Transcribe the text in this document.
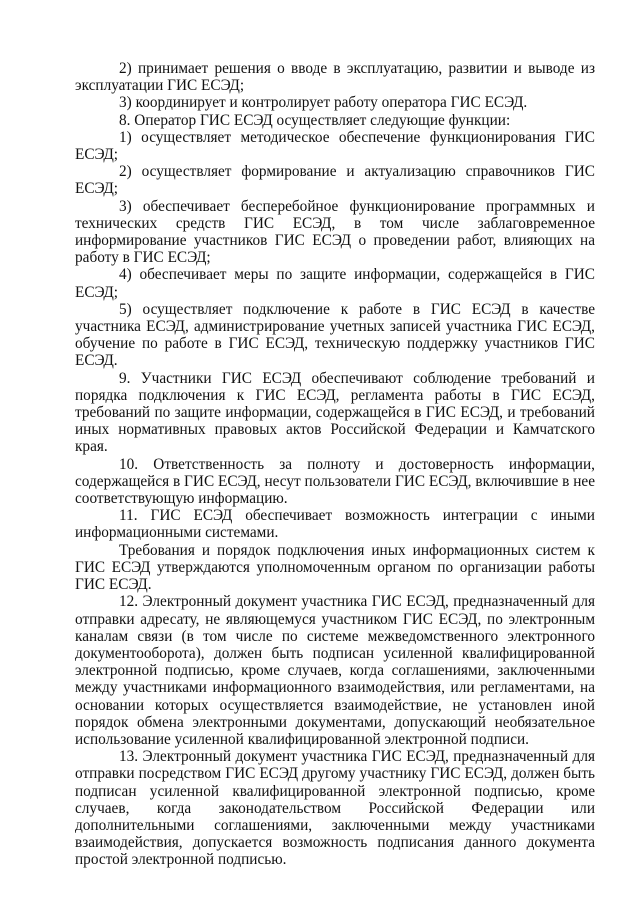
2) принимает решения о вводе в эксплуатацию, развитии и выводе из эксплуатации ГИС ЕСЭД;

3) координирует и контролирует работу оператора ГИС ЕСЭД.

8. Оператор ГИС ЕСЭД осуществляет следующие функции:

1) осуществляет методическое обеспечение функционирования ГИС ЕСЭД;

2) осуществляет формирование и актуализацию справочников ГИС ЕСЭД;

3) обеспечивает бесперебойное функционирование программных и технических средств ГИС ЕСЭД, в том числе заблаговременное информирование участников ГИС ЕСЭД о проведении работ, влияющих на работу в ГИС ЕСЭД;

4) обеспечивает меры по защите информации, содержащейся в ГИС ЕСЭД;

5) осуществляет подключение к работе в ГИС ЕСЭД в качестве участника ЕСЭД, администрирование учетных записей участника ГИС ЕСЭД, обучение по работе в ГИС ЕСЭД, техническую поддержку участников ГИС ЕСЭД.

9. Участники ГИС ЕСЭД обеспечивают соблюдение требований и порядка подключения к ГИС ЕСЭД, регламента работы в ГИС ЕСЭД, требований по защите информации, содержащейся в ГИС ЕСЭД, и требований иных нормативных правовых актов Российской Федерации и Камчатского края.

10. Ответственность за полноту и достоверность информации, содержащейся в ГИС ЕСЭД, несут пользователи ГИС ЕСЭД, включившие в нее соответствующую информацию.

11. ГИС ЕСЭД обеспечивает возможность интеграции с иными информационными системами.

Требования и порядок подключения иных информационных систем к ГИС ЕСЭД утверждаются уполномоченным органом по организации работы ГИС ЕСЭД.

12. Электронный документ участника ГИС ЕСЭД, предназначенный для отправки адресату, не являющемуся участником ГИС ЕСЭД, по электронным каналам связи (в том числе по системе межведомственного электронного документооборота), должен быть подписан усиленной квалифицированной электронной подписью, кроме случаев, когда соглашениями, заключенными между участниками информационного взаимодействия, или регламентами, на основании которых осуществляется взаимодействие, не установлен иной порядок обмена электронными документами, допускающий необязательное использование усиленной квалифицированной электронной подписи.

13. Электронный документ участника ГИС ЕСЭД, предназначенный для отправки посредством ГИС ЕСЭД другому участнику ГИС ЕСЭД, должен быть подписан усиленной квалифицированной электронной подписью, кроме случаев, когда законодательством Российской Федерации или дополнительными соглашениями, заключенными между участниками взаимодействия, допускается возможность подписания данного документа простой электронной подписью.
